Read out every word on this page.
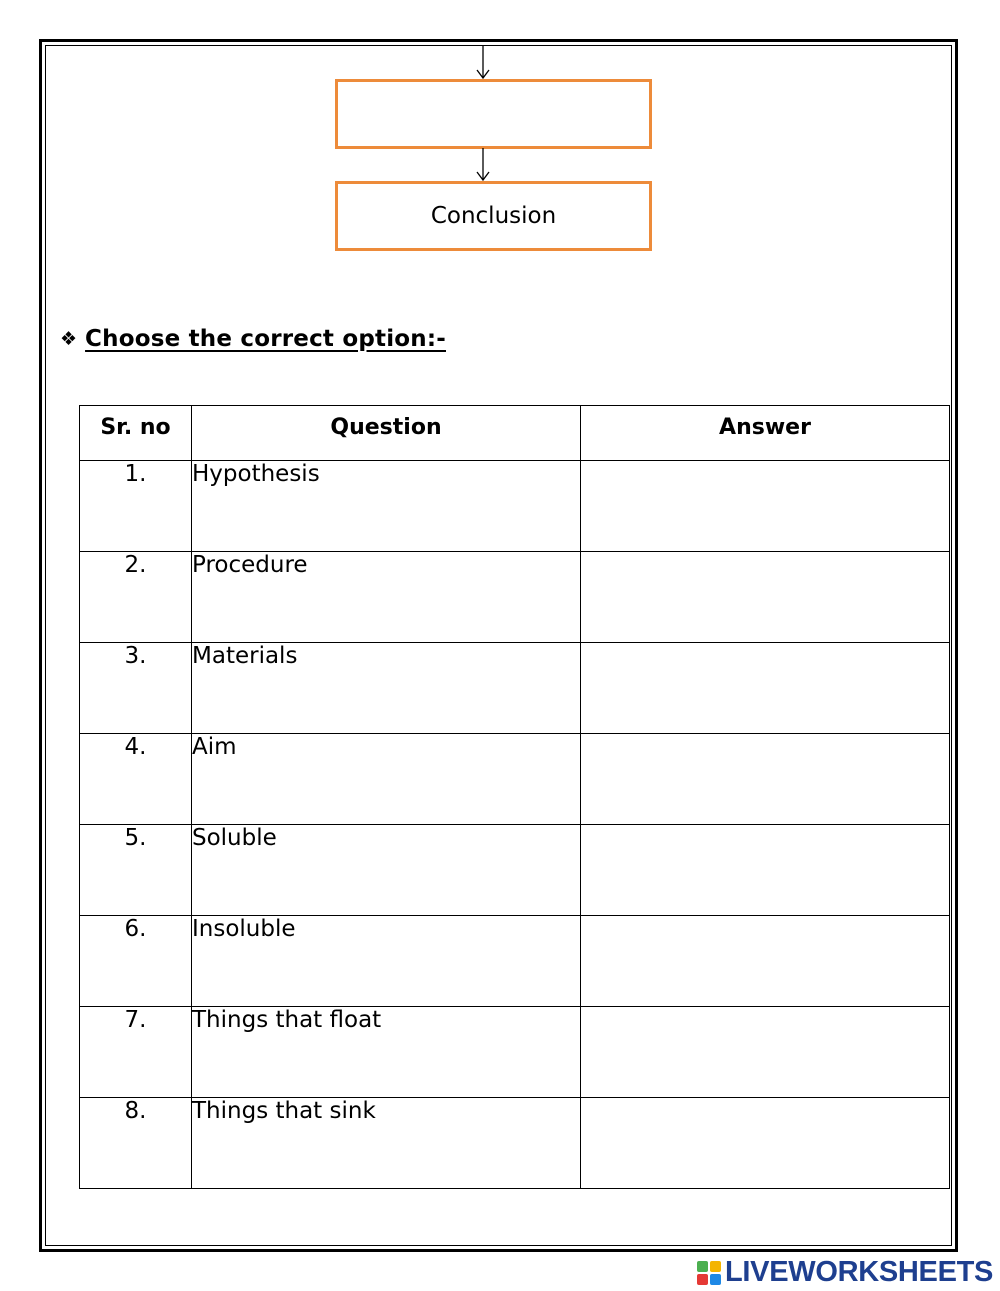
Conclusion
❖ Choose the correct option:-
Sr. no	Question	Answer
1.	Hypothesis	
2.	Procedure	
3.	Materials	
4.	Aim	
5.	Soluble	
6.	Insoluble	
7.	Things that float	
8.	Things that sink	
LIVEWORKSHEETS
